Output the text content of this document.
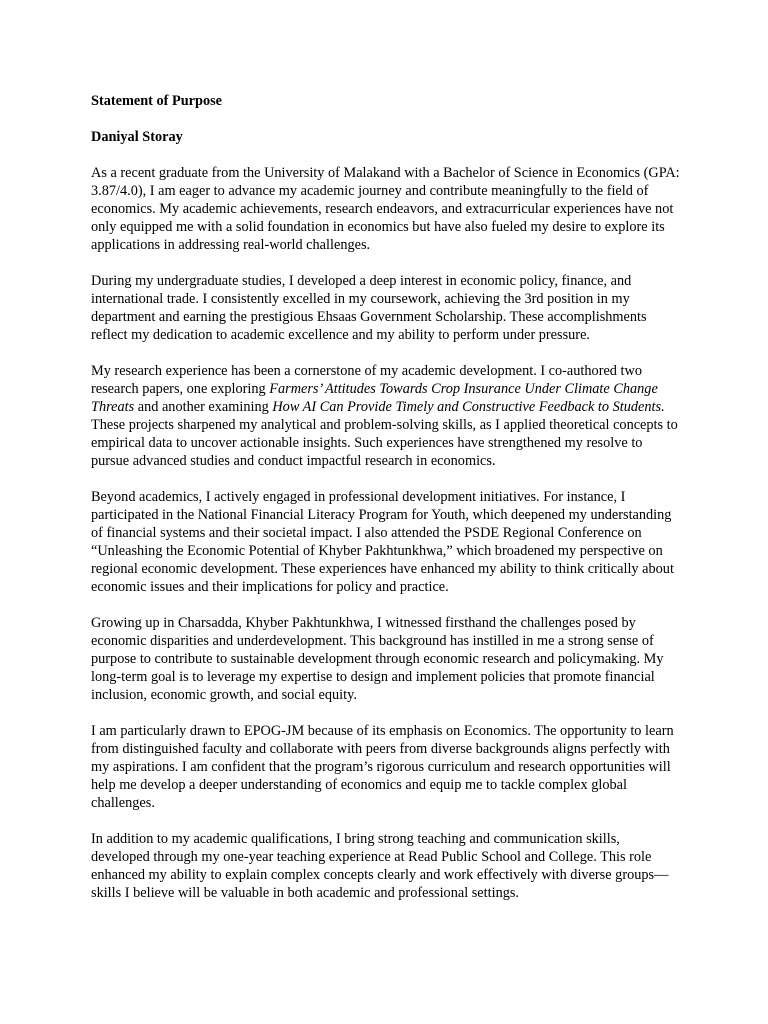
Statement of Purpose

Daniyal Storay

As a recent graduate from the University of Malakand with a Bachelor of Science in Economics (GPA: 3.87/4.0), I am eager to advance my academic journey and contribute meaningfully to the field of economics. My academic achievements, research endeavors, and extracurricular experiences have not only equipped me with a solid foundation in economics but have also fueled my desire to explore its applications in addressing real-world challenges.

During my undergraduate studies, I developed a deep interest in economic policy, finance, and international trade. I consistently excelled in my coursework, achieving the 3rd position in my department and earning the prestigious Ehsaas Government Scholarship. These accomplishments reflect my dedication to academic excellence and my ability to perform under pressure.

My research experience has been a cornerstone of my academic development. I co-authored two research papers, one exploring Farmers’ Attitudes Towards Crop Insurance Under Climate Change Threats and another examining How AI Can Provide Timely and Constructive Feedback to Students. These projects sharpened my analytical and problem-solving skills, as I applied theoretical concepts to empirical data to uncover actionable insights. Such experiences have strengthened my resolve to pursue advanced studies and conduct impactful research in economics.

Beyond academics, I actively engaged in professional development initiatives. For instance, I participated in the National Financial Literacy Program for Youth, which deepened my understanding of financial systems and their societal impact. I also attended the PSDE Regional Conference on “Unleashing the Economic Potential of Khyber Pakhtunkhwa,” which broadened my perspective on regional economic development. These experiences have enhanced my ability to think critically about economic issues and their implications for policy and practice.

Growing up in Charsadda, Khyber Pakhtunkhwa, I witnessed firsthand the challenges posed by economic disparities and underdevelopment. This background has instilled in me a strong sense of purpose to contribute to sustainable development through economic research and policymaking. My long-term goal is to leverage my expertise to design and implement policies that promote financial inclusion, economic growth, and social equity.

I am particularly drawn to EPOG-JM because of its emphasis on Economics. The opportunity to learn from distinguished faculty and collaborate with peers from diverse backgrounds aligns perfectly with my aspirations. I am confident that the program’s rigorous curriculum and research opportunities will help me develop a deeper understanding of economics and equip me to tackle complex global challenges.

In addition to my academic qualifications, I bring strong teaching and communication skills, developed through my one-year teaching experience at Read Public School and College. This role enhanced my ability to explain complex concepts clearly and work effectively with diverse groups—skills I believe will be valuable in both academic and professional settings.
